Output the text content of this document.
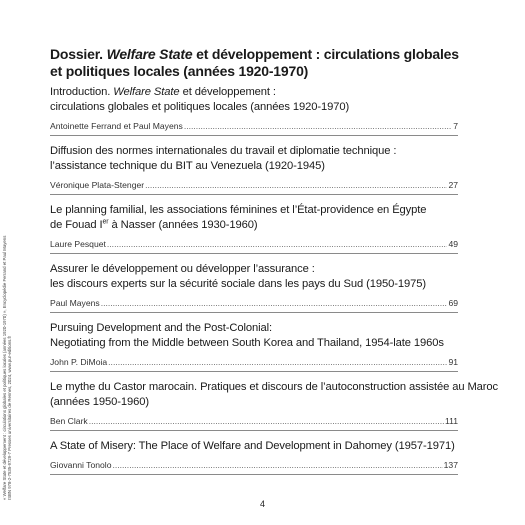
Dossier. Welfare State et développement : circulations globales
et politiques locales (années 1920-1970)
Introduction. Welfare State et développement :
circulations globales et politiques locales (années 1920-1970)
Antoinette Ferrand et Paul Mayens .....	7
Diffusion des normes internationales du travail et diplomatie technique :
l’assistance technique du BIT au Venezuela (1920-1945)
Véronique Plata-Stenger .....	27
Le planning familial, les associations féminines et l’État-providence en Égypte
de Fouad Ier à Nasser (années 1930-1960)
Laure Pesquet .....	49
Assurer le développement ou développer l’assurance :
les discours experts sur la sécurité sociale dans les pays du Sud (1950-1975)
Paul Mayens .....	69
Pursuing Development and the Post-Colonial:
Negotiating from the Middle between South Korea and Thailand, 1954-late 1960s
John P. DiMoia .....	91
Le mythe du Castor marocain. Pratiques et discours de l’autoconstruction assistée au Maroc
(années 1950-1960)
Ben Clark .....	111
A State of Misery: The Place of Welfare and Development in Dahomey (1957-1971)
Giovanni Tonolo .....	137
« Welfare State et développement : circulations globales et politiques locales (années 1920-1970) », Encyclopédie Ferrand et Paul Mayens
ISBN 978-2-7535-9729-7 Presses universitaires de Rennes, 2024, www.pur-editions.fr
4
